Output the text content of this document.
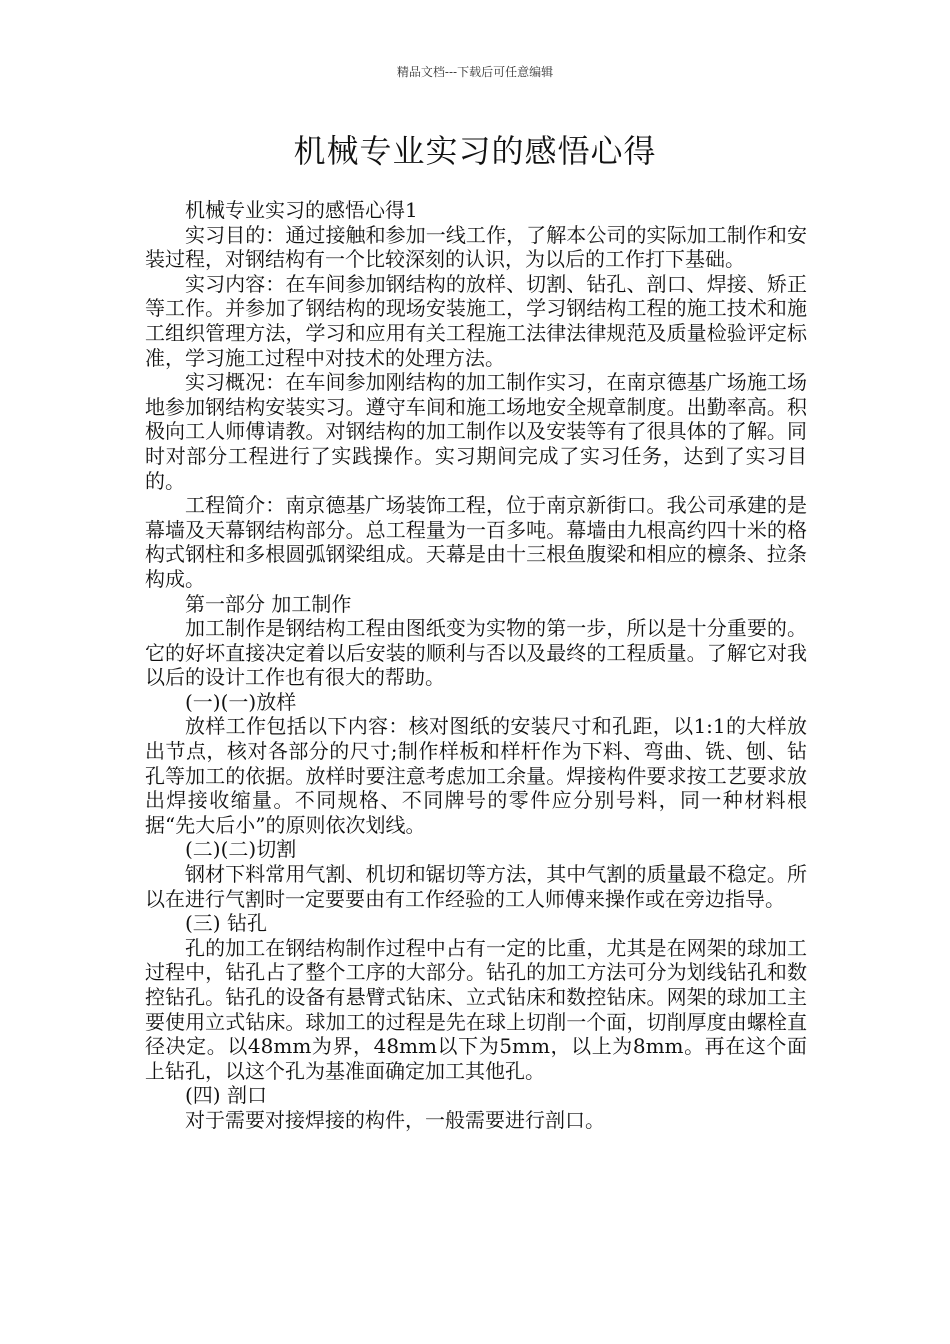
精品文档---下载后可任意编辑
机械专业实习的感悟心得

机械专业实习的感悟心得1

实习目的：通过接触和参加一线工作，了解本公司的实际加工制作和安装过程，对钢结构有一个比较深刻的认识，为以后的工作打下基础。

实习内容：在车间参加钢结构的放样、切割、钻孔、剖口、焊接、矫正等工作。并参加了钢结构的现场安装施工，学习钢结构工程的施工技术和施工组织管理方法，学习和应用有关工程施工法律法律规范及质量检验评定标准，学习施工过程中对技术的处理方法。

实习概况：在车间参加刚结构的加工制作实习，在南京德基广场施工场地参加钢结构安装实习。遵守车间和施工场地安全规章制度。出勤率高。积极向工人师傅请教。对钢结构的加工制作以及安装等有了很具体的了解。同时对部分工程进行了实践操作。实习期间完成了实习任务，达到了实习目的。

工程简介：南京德基广场装饰工程，位于南京新街口。我公司承建的是幕墙及天幕钢结构部分。总工程量为一百多吨。幕墙由九根高约四十米的格构式钢柱和多根圆弧钢梁组成。天幕是由十三根鱼腹梁和相应的檩条、拉条构成。

第一部分 加工制作

加工制作是钢结构工程由图纸变为实物的第一步，所以是十分重要的。它的好坏直接决定着以后安装的顺利与否以及最终的工程质量。了解它对我以后的设计工作也有很大的帮助。

(一)(一)放样

放样工作包括以下内容：核对图纸的安装尺寸和孔距，以1:1的大样放出节点，核对各部分的尺寸;制作样板和样杆作为下料、弯曲、铣、刨、钻孔等加工的依据。放样时要注意考虑加工余量。焊接构件要求按工艺要求放出焊接收缩量。不同规格、不同牌号的零件应分别号料，同一种材料根据“先大后小”的原则依次划线。

(二)(二)切割

钢材下料常用气割、机切和锯切等方法，其中气割的质量最不稳定。所以在进行气割时一定要要由有工作经验的工人师傅来操作或在旁边指导。

(三) 钻孔

孔的加工在钢结构制作过程中占有一定的比重，尤其是在网架的球加工过程中，钻孔占了整个工序的大部分。钻孔的加工方法可分为划线钻孔和数控钻孔。钻孔的设备有悬臂式钻床、立式钻床和数控钻床。网架的球加工主要使用立式钻床。球加工的过程是先在球上切削一个面，切削厚度由螺栓直径决定。以48mm为界，48mm以下为5mm，以上为8mm。再在这个面上钻孔，以这个孔为基准面确定加工其他孔。

(四) 剖口

对于需要对接焊接的构件，一般需要进行剖口。
